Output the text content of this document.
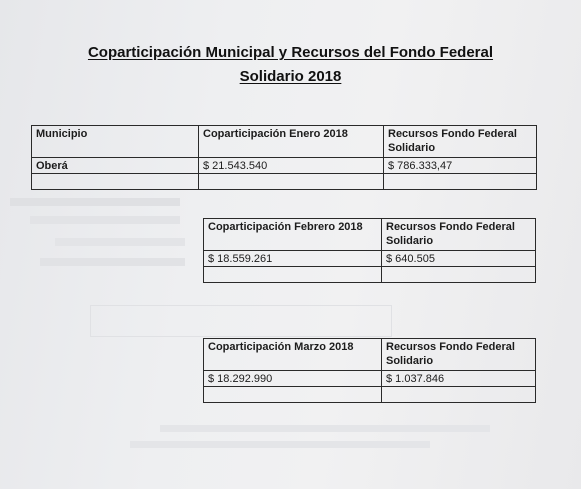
Coparticipación Municipal y Recursos del Fondo Federal
Solidario 2018
Municipio	Coparticipación Enero 2018	Recursos Fondo Federal Solidario
Oberá	$ 21.543.540	$ 786.333,47

Coparticipación Febrero 2018	Recursos Fondo Federal Solidario
$ 18.559.261	$ 640.505

Coparticipación Marzo 2018	Recursos Fondo Federal Solidario
$ 18.292.990	$ 1.037.846
